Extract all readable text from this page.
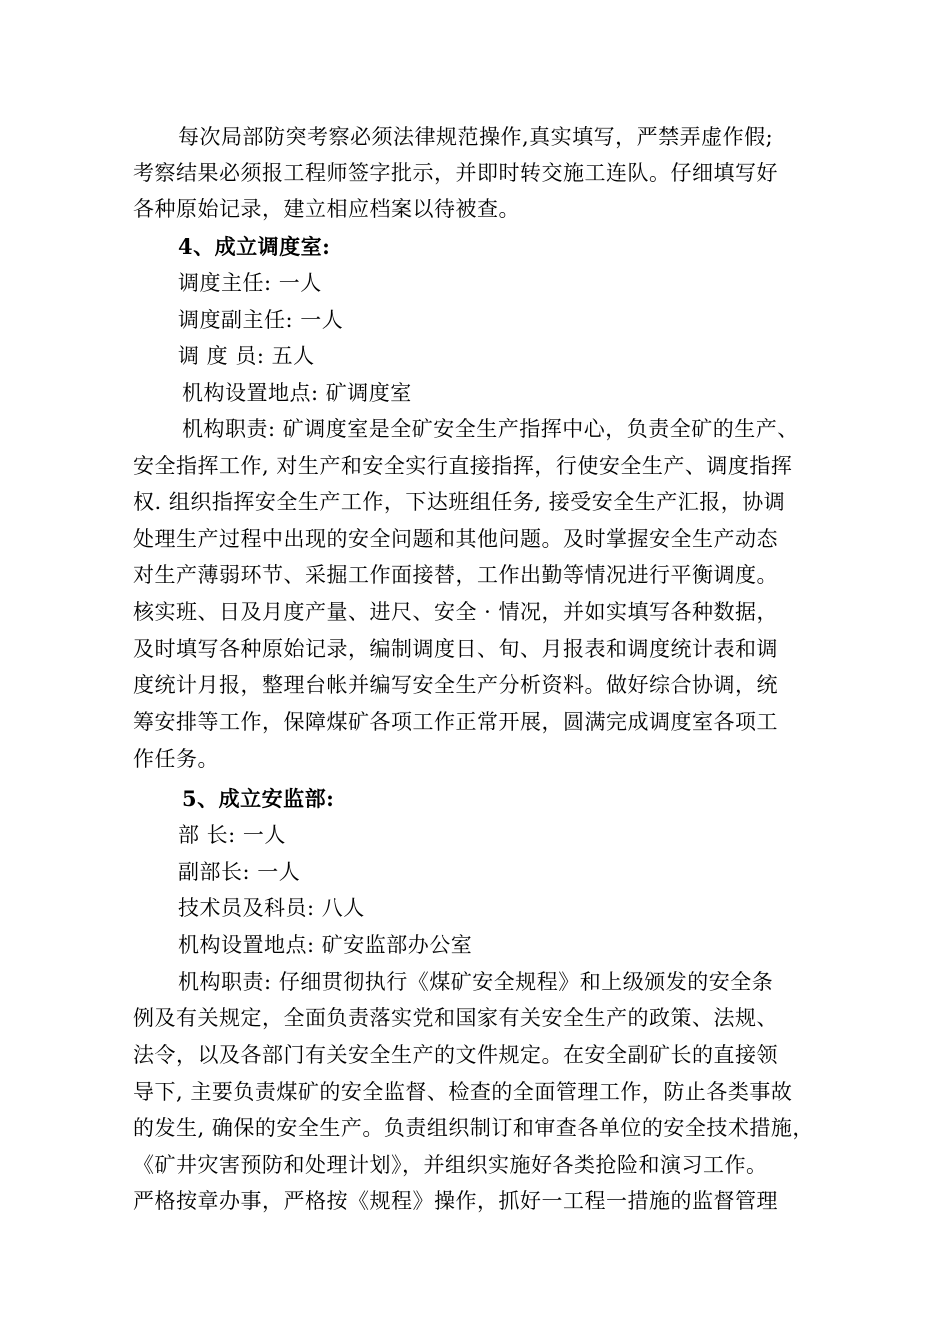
每次局部防突考察必须法律规范操作,真实填写，严禁弄虚作假;
考察结果必须报工程师签字批示，并即时转交施工连队。仔细填写好
各种原始记录，建立相应档案以待被查。
4、成立调度室:
调度主任: 一人
调度副主任: 一人
调 度 员: 五人
机构设置地点: 矿调度室
机构职责: 矿调度室是全矿安全生产指挥中心，负责全矿的生产、
安全指挥工作, 对生产和安全实行直接指挥，行使安全生产、调度指挥
权. 组织指挥安全生产工作，下达班组任务, 接受安全生产汇报，协调
处理生产过程中出现的安全问题和其他问题。及时掌握安全生产动态
对生产薄弱环节、采掘工作面接替，工作出勤等情况进行平衡调度。
核实班、日及月度产量、进尺、安全 · 情况，并如实填写各种数据，
及时填写各种原始记录，编制调度日、旬、月报表和调度统计表和调
度统计月报，整理台帐并编写安全生产分析资料。做好综合协调，统
筹安排等工作，保障煤矿各项工作正常开展，圆满完成调度室各项工
作任务。
5、成立安监部:
部 长: 一人
副部长: 一人
技术员及科员: 八人
机构设置地点: 矿安监部办公室
机构职责: 仔细贯彻执行《煤矿安全规程》和上级颁发的安全条
例及有关规定，全面负责落实党和国家有关安全生产的政策、法规、
法令，以及各部门有关安全生产的文件规定。在安全副矿长的直接领
导下, 主要负责煤矿的安全监督、检查的全面管理工作，防止各类事故
的发生, 确保的安全生产。负责组织制订和审查各单位的安全技术措施，
《矿井灾害预防和处理计划》，并组织实施好各类抢险和演习工作。
严格按章办事，严格按《规程》操作，抓好一工程一措施的监督管理
